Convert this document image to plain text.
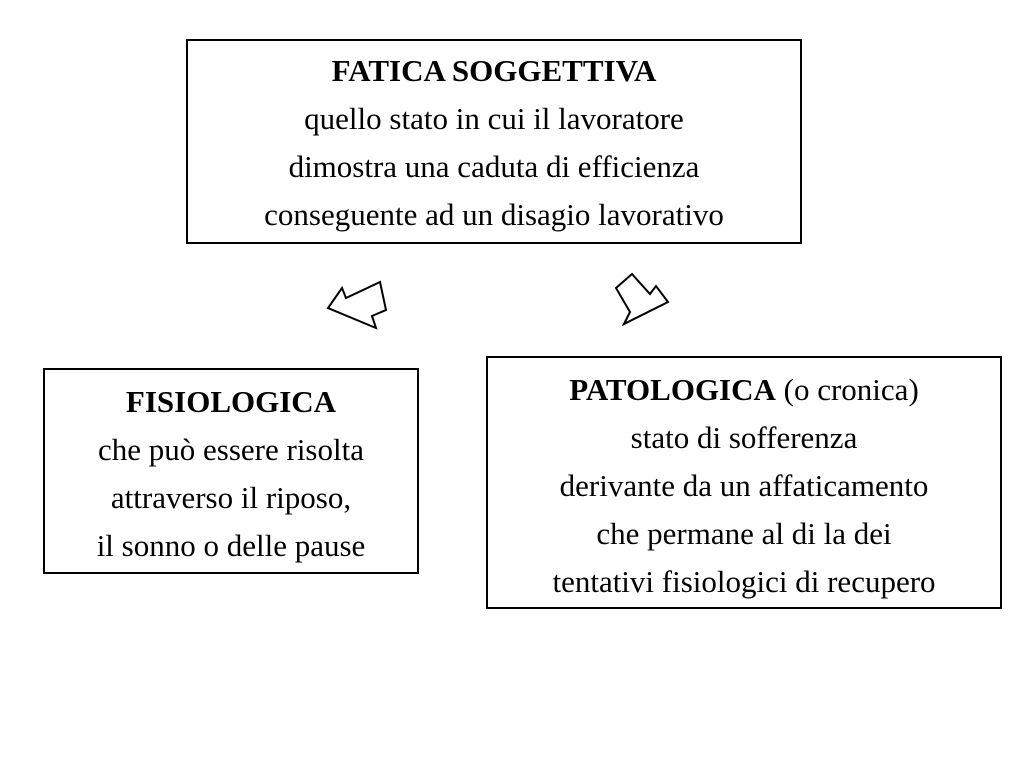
FATICA SOGGETTIVA
quello stato in cui il lavoratore
dimostra una caduta di efficienza
conseguente ad un disagio lavorativo
FISIOLOGICA
che può essere risolta
attraverso il riposo,
il sonno o delle pause
PATOLOGICA (o cronica)
stato di sofferenza
derivante da un affaticamento
che permane al di la dei
tentativi fisiologici di recupero
